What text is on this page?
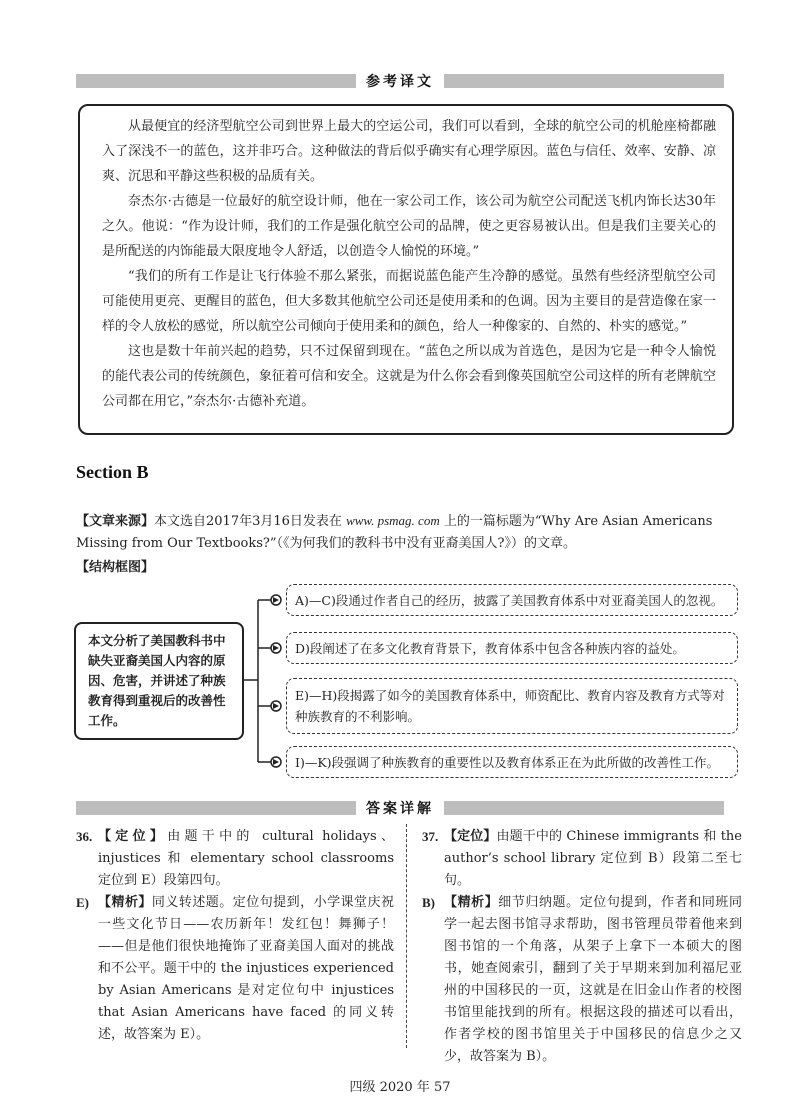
参考译文

从最便宜的经济型航空公司到世界上最大的空运公司，我们可以看到，全球的航空公司的机舱座椅都融入了深浅不一的蓝色，这并非巧合。这种做法的背后似乎确实有心理学原因。蓝色与信任、效率、安静、凉爽、沉思和平静这些积极的品质有关。

奈杰尔·古德是一位最好的航空设计师，他在一家公司工作，该公司为航空公司配送飞机内饰长达30年之久。他说：“作为设计师，我们的工作是强化航空公司的品牌，使之更容易被认出。但是我们主要关心的是所配送的内饰能最大限度地令人舒适，以创造令人愉悦的环境。”

“我们的所有工作是让飞行体验不那么紧张，而据说蓝色能产生冷静的感觉。虽然有些经济型航空公司可能使用更亮、更醒目的蓝色，但大多数其他航空公司还是使用柔和的色调。因为主要目的是营造像在家一样的令人放松的感觉，所以航空公司倾向于使用柔和的颜色，给人一种像家的、自然的、朴实的感觉。”

这也是数十年前兴起的趋势，只不过保留到现在。“蓝色之所以成为首选色，是因为它是一种令人愉悦的能代表公司的传统颜色，象征着可信和安全。这就是为什么你会看到像英国航空公司这样的所有老牌航空公司都在用它，”奈杰尔·古德补充道。

Section B
【文章来源】本文选自2017年3月16日发表在 www. psmag. com 上的一篇标题为“Why Are Asian Americans Missing from Our Textbooks?”（《为何我们的教科书中没有亚裔美国人?》）的文章。
【结构框图】
本文分析了美国教科书中缺失亚裔美国人内容的原因、危害，并讲述了种族教育得到重视后的改善性工作。
A)—C)段通过作者自己的经历，披露了美国教育体系中对亚裔美国人的忽视。
D)段阐述了在多文化教育背景下，教育体系中包含各种族内容的益处。
E)—H)段揭露了如今的美国教育体系中，师资配比、教育内容及教育方式等对种族教育的不利影响。
I)—K)段强调了种族教育的重要性以及教育体系正在为此所做的改善性工作。
答案详解
36. 【定位】由题干中的 cultural holidays、injustices 和 elementary school classrooms 定位到 E）段第四句。
E) 【精析】同义转述题。定位句提到，小学课堂庆祝一些文化节日——农历新年！发红包！舞狮子！——但是他们很快地掩饰了亚裔美国人面对的挑战和不公平。题干中的 the injustices experienced by Asian Americans 是对定位句中 injustices that Asian Americans have faced 的同义转述，故答案为 E）。
37. 【定位】由题干中的 Chinese immigrants 和 the author’s school library 定位到 B）段第二至七句。
B) 【精析】细节归纳题。定位句提到，作者和同班同学一起去图书馆寻求帮助，图书管理员带着他来到图书馆的一个角落，从架子上拿下一本硕大的图书，她查阅索引，翻到了关于早期来到加利福尼亚州的中国移民的一页，这就是在旧金山作者的校图书馆里能找到的所有。根据这段的描述可以看出，作者学校的图书馆里关于中国移民的信息少之又少，故答案为 B）。
四级 2020 年 57
